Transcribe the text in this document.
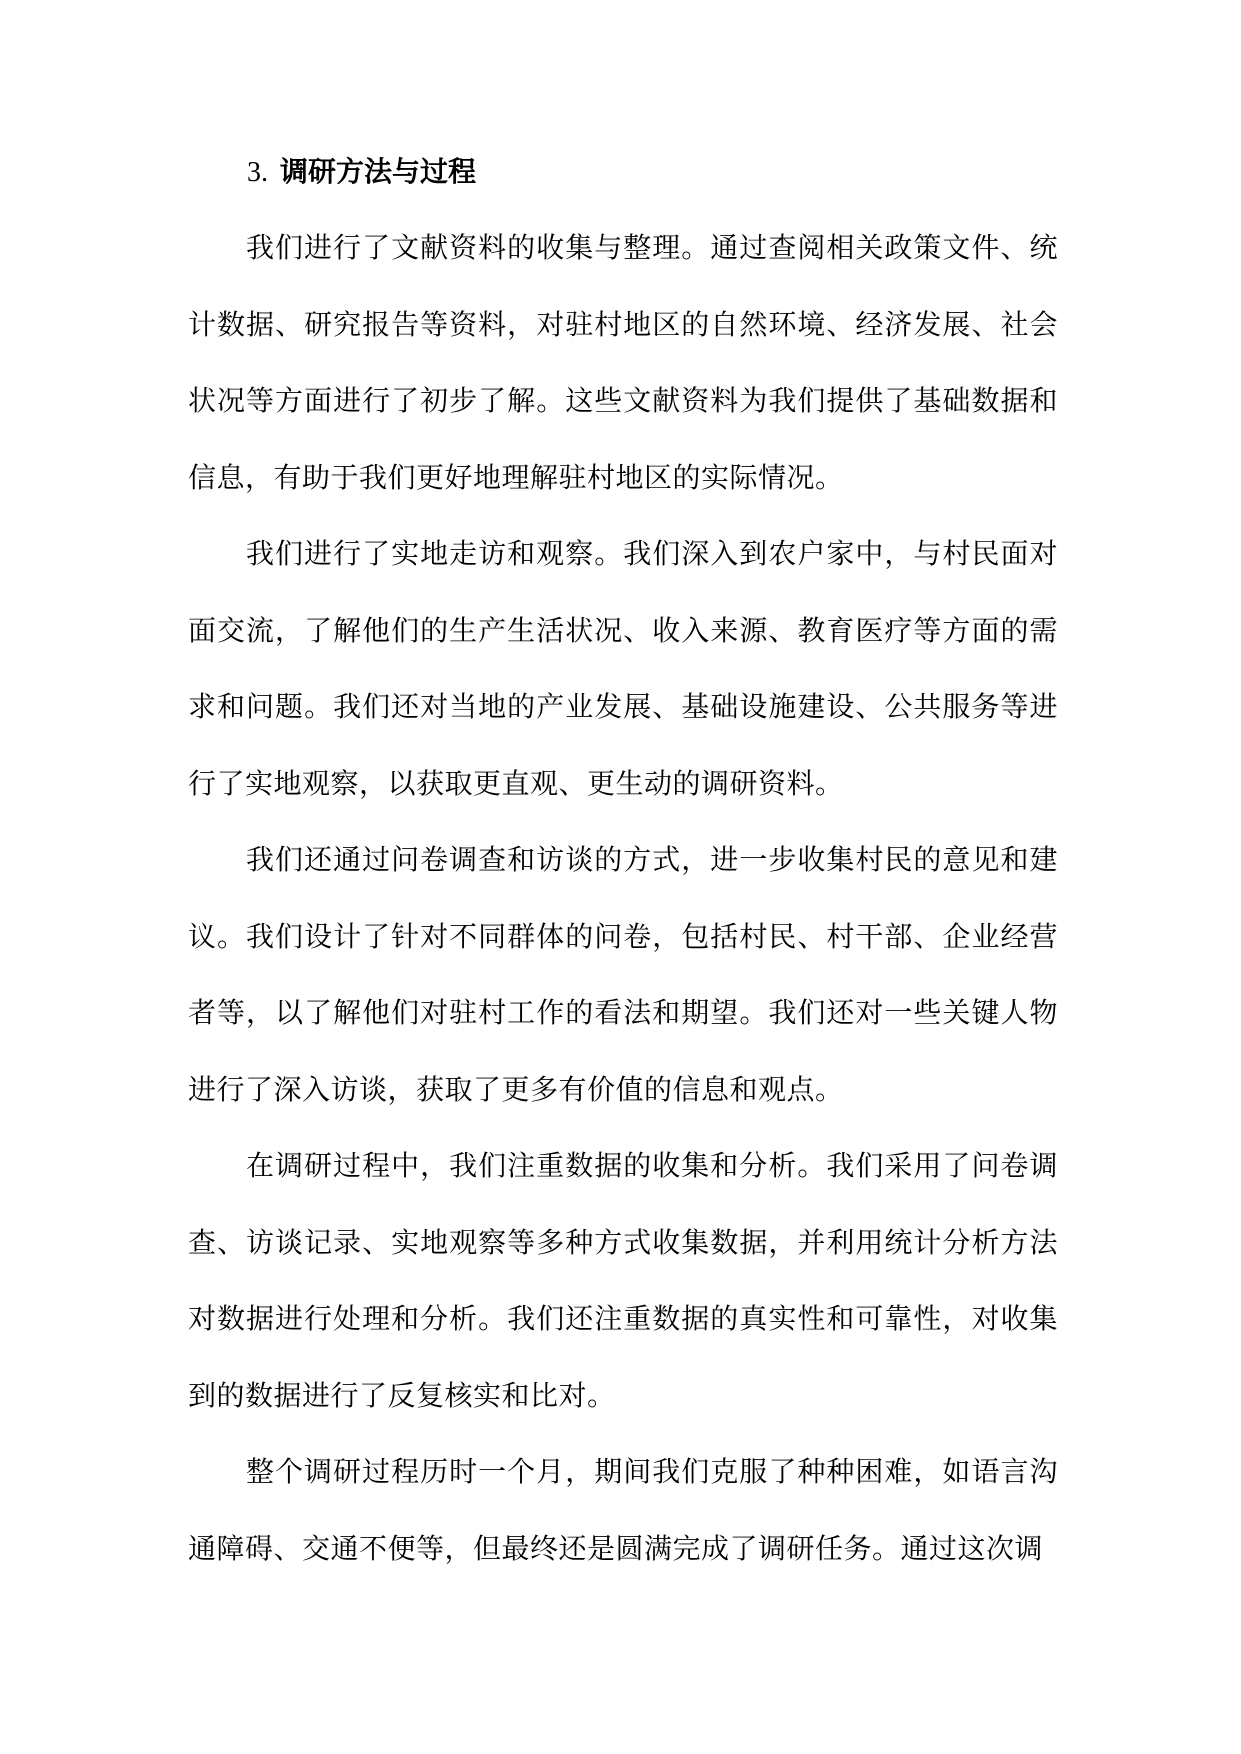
3. 调研方法与过程

我们进行了文献资料的收集与整理。通过查阅相关政策文件、统计数据、研究报告等资料，对驻村地区的自然环境、经济发展、社会状况等方面进行了初步了解。这些文献资料为我们提供了基础数据和信息，有助于我们更好地理解驻村地区的实际情况。

我们进行了实地走访和观察。我们深入到农户家中，与村民面对面交流，了解他们的生产生活状况、收入来源、教育医疗等方面的需求和问题。我们还对当地的产业发展、基础设施建设、公共服务等进行了实地观察，以获取更直观、更生动的调研资料。

我们还通过问卷调查和访谈的方式，进一步收集村民的意见和建议。我们设计了针对不同群体的问卷，包括村民、村干部、企业经营者等，以了解他们对驻村工作的看法和期望。我们还对一些关键人物进行了深入访谈，获取了更多有价值的信息和观点。

在调研过程中，我们注重数据的收集和分析。我们采用了问卷调查、访谈记录、实地观察等多种方式收集数据，并利用统计分析方法对数据进行处理和分析。我们还注重数据的真实性和可靠性，对收集到的数据进行了反复核实和比对。

整个调研过程历时一个月，期间我们克服了种种困难，如语言沟通障碍、交通不便等，但最终还是圆满完成了调研任务。通过这次调
